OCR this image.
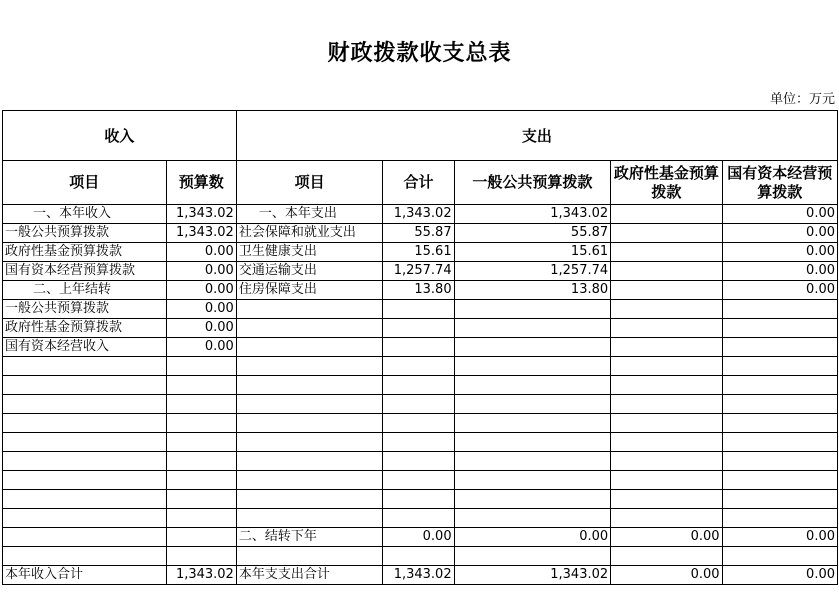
财政拨款收支总表
单位：万元
收入		支出				
项目	预算数	项目	合计	一般公共预算拨款	政府性基金预算拨款	国有资本经营预算拨款
一、本年收入	1,343.02	一、本年支出	1,343.02	1,343.02		0.00
一般公共预算拨款	1,343.02	社会保障和就业支出	55.87	55.87		0.00
政府性基金预算拨款	0.00	卫生健康支出	15.61	15.61		0.00
国有资本经营预算拨款	0.00	交通运输支出	1,257.74	1,257.74		0.00
二、上年结转	0.00	住房保障支出	13.80	13.80		0.00
一般公共预算拨款	0.00					
政府性基金预算拨款	0.00					
国有资本经营收入	0.00					

		二、结转下年	0.00	0.00	0.00	0.00

本年收入合计	1,343.02	本年支支出合计	1,343.02	1,343.02	0.00	0.00
